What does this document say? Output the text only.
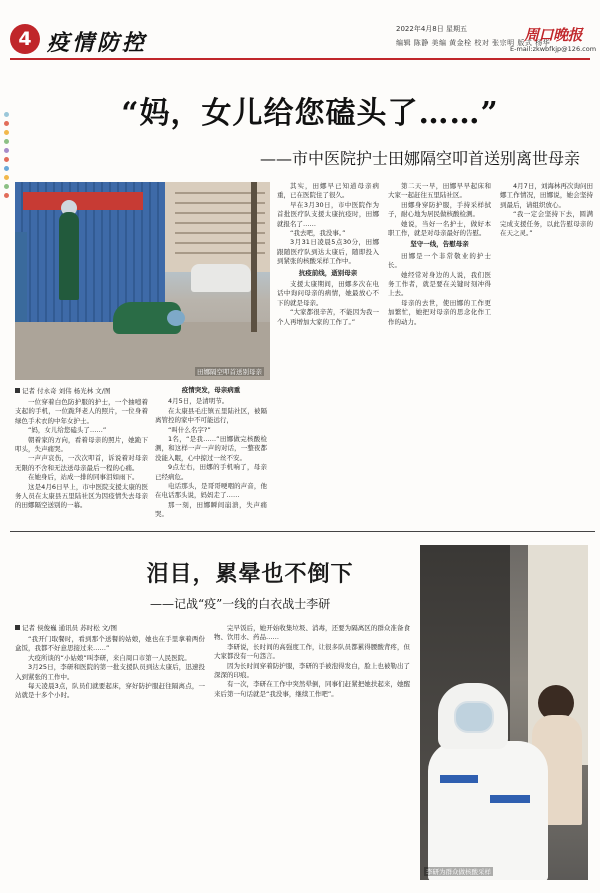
4 疫情防控
2022年4月8日 星期五
编辑 陈静 美编 黄金栓 校对 张宗明 版式 杨华
周口晚报
E-mail:zkwbfkjp@126.com
“妈，女儿给您磕头了……”
——市中医院护士田娜隔空叩首送别离世母亲
田娜隔空叩首送别母亲
记者 付永奇 刘伟 杨光林 文/图

一位穿着白色防护服的护士，一个抽噎着支起的手机，一位跪拜老人的照片，一位身着绿色手术衣的中年女护士。

“妈，女儿给您磕头了……”

朝着家的方向，看着母亲的照片，她跪下叩头，失声痛哭。

一声声哀伤，一次次叩首，诉说着对母亲无限的不舍和无法送母亲最后一程的心痛。

在她身后，站成一排的同事泪如雨下。

这是4月6日早上，市中医院支援太康的医务人员在太康县五里陆社区为因疫情失去母亲的田娜隔空送别的一幕。

疫情突发，母亲病重

4月5日，是清明节。

在太康县毛庄镇五里陆社区，被隔离管控的家中不可能远行，

“叫什么名字?”

1名，“是我……”田娜做完核酸检测，和这样一声一声的对话，一整夜都没能入眠，心中掠过一丝不安。

9点左右，田娜的手机响了，母亲已经病危。

电话那头，是哥哥哽咽的声音，他在电话那头说，妈妈走了……

那一刻，田娜瞬间崩溃，失声痛哭。

其实，田娜早已知道母亲病重，已在医院住了很久。

早在3月30日，市中医院作为首批医疗队支援太康抗疫时，田娜就报名了……

“我去吧，我没事。”

3月31日凌晨5点30分，田娜跟随医疗队到达太康后，随即投入到紧张的核酸采样工作中。

抗疫前线，逝别母亲

支援太康期间，田娜多次在电话中询问母亲的病情，她最放心不下的就是母亲。

“大家都很辛苦，不能因为我一个人再增加大家的工作了。”

第二天一早，田娜早早起床和大家一起赶往五里陆社区。

田娜身穿防护服，手持采样拭子，耐心地为居民做核酸检测。

她说，当好一名护士，做好本职工作，就是对母亲最好的告慰。

坚守一线，告慰母亲

田娜是一个非常敬业的护士长。

她经常对身边的人说，我们医务工作者，就是要在关键时刻冲得上去。

母亲的去世，使田娜的工作更加繁忙，她把对母亲的思念化作工作的动力。

4月7日，刘海林再次询问田娜工作情况，田娜说，她会坚持到最后，请组织放心。

“我一定会坚持下去，圆满完成支援任务，以此告慰母亲的在天之灵。”

泪目，累晕也不倒下
——记战“疫”一线的白衣战士李研
记者 侯俊巍 通讯员 苏时松 文/图

“我开门取餐时，看到那个送餐的姑娘，她也在手里拿着两份盒饭，我都不好意思接过来……”

大疫所谈的“小姑娘”叫李研，来自周口市第一人民医院。

3月25日，李研和医院的第一批支援队员到达太康后，迅速投入到紧张的工作中。

每天凌晨3点，队员们就要起床，穿好防护服赶往隔离点，一站就是十多个小时。

完早饭后，她开始收集垃圾、消毒，还要为隔离区的群众准备食物、饮用水、药品……

李研说，长时间的高强度工作，让很多队员都累得腰酸背疼，但大家都没有一句怨言。

因为长时间穿着防护服，李研的手被泡得发白，脸上也被勒出了深深的印痕。

有一次，李研在工作中突然晕倒，同事们赶紧把她扶起来，她醒来后第一句话就是“我没事，继续工作吧”。

李研为群众做核酸采样
